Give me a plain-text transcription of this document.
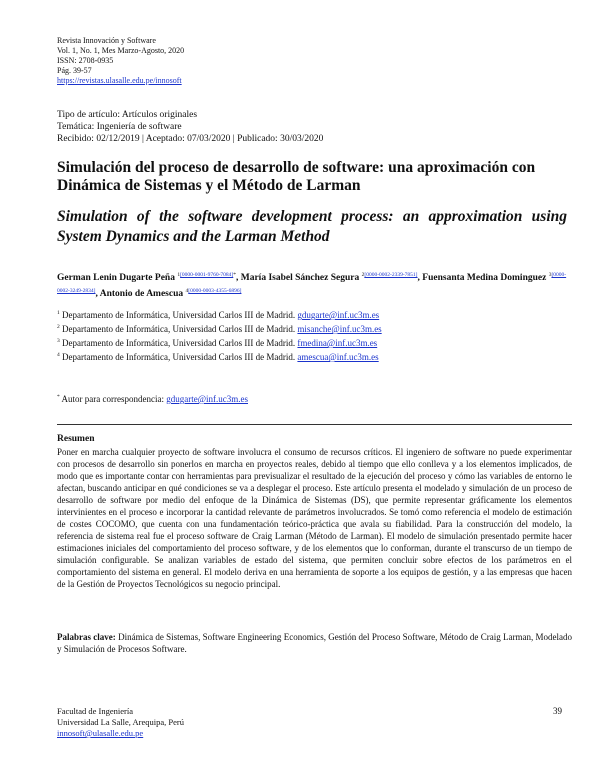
Revista Innovación y Software
Vol. 1, No. 1, Mes Marzo-Agosto, 2020
ISSN: 2708-0935
Pág. 39-57
https://revistas.ulasalle.edu.pe/innosoft
Tipo de artículo: Artículos originales
Temática: Ingeniería de software
Recibido: 02/12/2019 | Aceptado: 07/03/2020 | Publicado: 30/03/2020
Simulación del proceso de desarrollo de software: una aproximación con Dinámica de Sistemas y el Método de Larman
Simulation of the software development process: an approximation using System Dynamics and the Larman Method
German Lenin Dugarte Peña $^{1[0000-0001-9760-7084]*}$, María Isabel Sánchez Segura $^{2[0000-0002-2339-7851]}$, Fuensanta Medina Dominguez $^{3[0000-0002-3249-2834]}$, Antonio de Amescua $^{4[0000-0003-4355-6896]}$
$^1$ Departamento de Informática, Universidad Carlos III de Madrid. gdugarte@inf.uc3m.es
$^2$ Departamento de Informática, Universidad Carlos III de Madrid. misanche@inf.uc3m.es
$^3$ Departamento de Informática, Universidad Carlos III de Madrid. fmedina@inf.uc3m.es
$^4$ Departamento de Informática, Universidad Carlos III de Madrid. amescua@inf.uc3m.es
* Autor para correspondencia: gdugarte@inf.uc3m.es
Resumen
Poner en marcha cualquier proyecto de software involucra el consumo de recursos críticos. El ingeniero de software no puede experimentar con procesos de desarrollo sin ponerlos en marcha en proyectos reales, debido al tiempo que ello conlleva y a los elementos implicados, de modo que es importante contar con herramientas para previsualizar el resultado de la ejecución del proceso y cómo las variables de entorno le afectan, buscando anticipar en qué condiciones se va a desplegar el proceso. Este artículo presenta el modelado y simulación de un proceso de desarrollo de software por medio del enfoque de la Dinámica de Sistemas (DS), que permite representar gráficamente los elementos intervinientes en el proceso e incorporar la cantidad relevante de parámetros involucrados. Se tomó como referencia el modelo de estimación de costes COCOMO, que cuenta con una fundamentación teórico-práctica que avala su fiabilidad. Para la construcción del modelo, la referencia de sistema real fue el proceso software de Craig Larman (Método de Larman). El modelo de simulación presentado permite hacer estimaciones iniciales del comportamiento del proceso software, y de los elementos que lo conforman, durante el transcurso de un tiempo de simulación configurable. Se analizan variables de estado del sistema, que permiten concluir sobre efectos de los parámetros en el comportamiento del sistema en general. El modelo deriva en una herramienta de soporte a los equipos de gestión, y a las empresas que hacen de la Gestión de Proyectos Tecnológicos su negocio principal.
Palabras clave: Dinámica de Sistemas, Software Engineering Economics, Gestión del Proceso Software, Método de Craig Larman, Modelado y Simulación de Procesos Software.
Facultad de Ingeniería
Universidad La Salle, Arequipa, Perú
innosoft@ulasalle.edu.pe
39
